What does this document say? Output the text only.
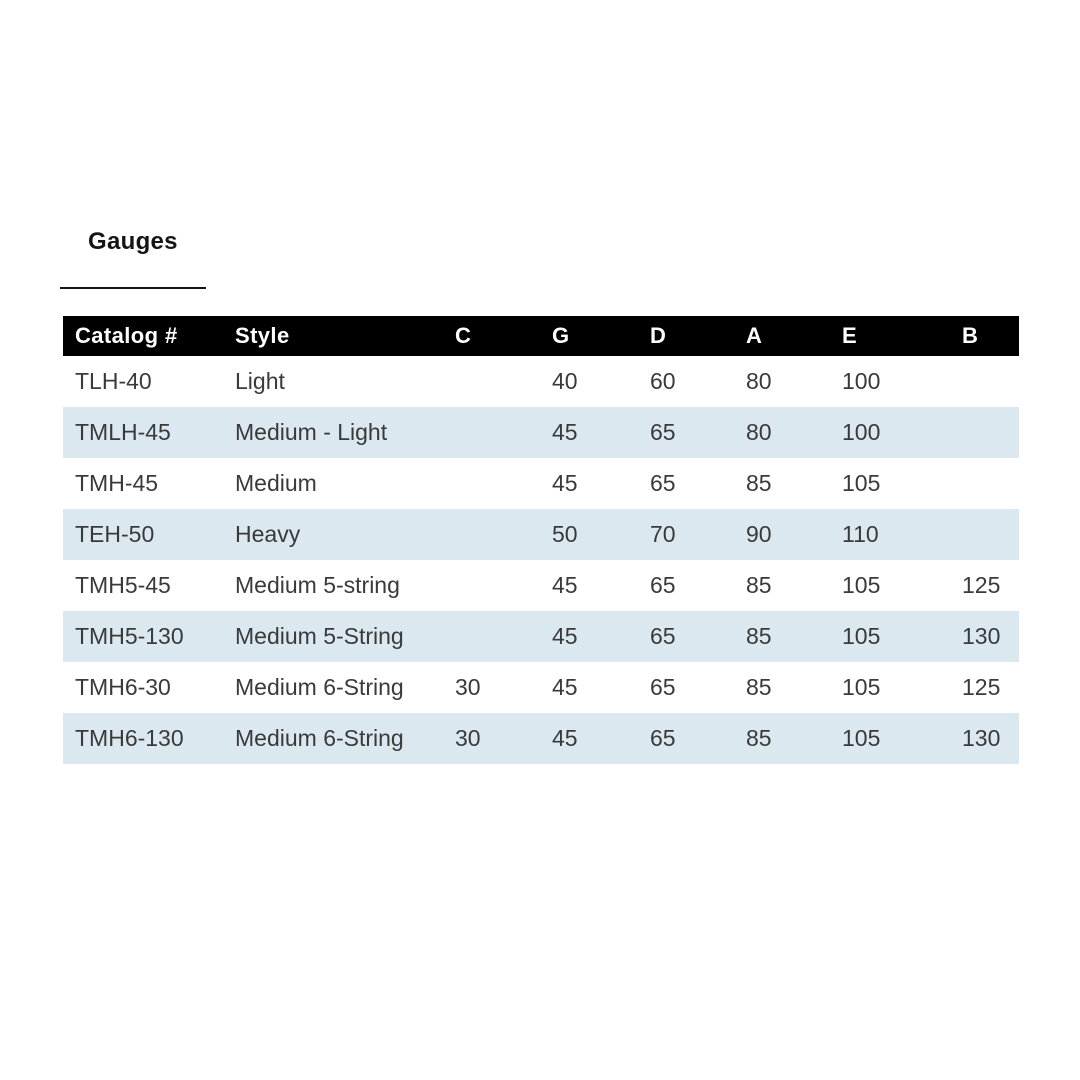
Gauges
Catalog #	Style	C	G	D	A	E	B
TLH-40	Light		40	60	80	100	
TMLH-45	Medium - Light		45	65	80	100	
TMH-45	Medium		45	65	85	105	
TEH-50	Heavy		50	70	90	110	
TMH5-45	Medium 5-string		45	65	85	105	125
TMH5-130	Medium 5-String		45	65	85	105	130
TMH6-30	Medium 6-String	30	45	65	85	105	125
TMH6-130	Medium 6-String	30	45	65	85	105	130
